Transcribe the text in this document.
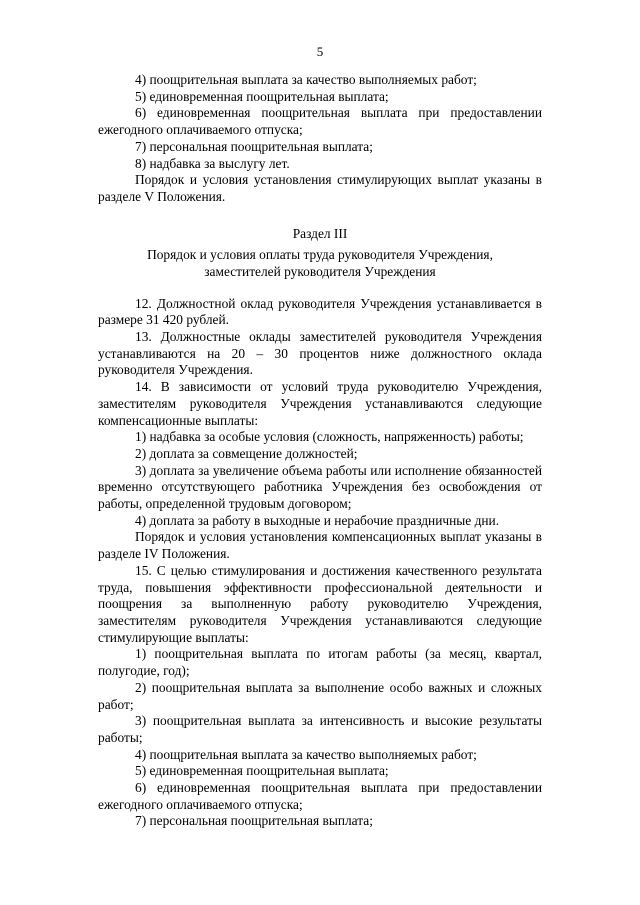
5

4) поощрительная выплата за качество выполняемых работ;

5) единовременная поощрительная выплата;

6) единовременная поощрительная выплата при предоставлении ежегодного оплачиваемого отпуска;

7) персональная поощрительная выплата;

8) надбавка за выслугу лет.

Порядок и условия установления стимулирующих выплат указаны в разделе V Положения.

Раздел III

Порядок и условия оплаты труда руководителя Учреждения,

заместителей руководителя Учреждения

12. Должностной оклад руководителя Учреждения устанавливается в размере 31 420 рублей.

13. Должностные оклады заместителей руководителя Учреждения устанавливаются на 20 – 30 процентов ниже должностного оклада руководителя Учреждения.

14. В зависимости от условий труда руководителю Учреждения, заместителям руководителя Учреждения устанавливаются следующие компенсационные выплаты:

1) надбавка за особые условия (сложность, напряженность) работы;

2) доплата за совмещение должностей;

3) доплата за увеличение объема работы или исполнение обязанностей временно отсутствующего работника Учреждения без освобождения от работы, определенной трудовым договором;

4) доплата за работу в выходные и нерабочие праздничные дни.

Порядок и условия установления компенсационных выплат указаны в разделе IV Положения.

15. С целью стимулирования и достижения качественного результата труда, повышения эффективности профессиональной деятельности и поощрения за выполненную работу руководителю Учреждения, заместителям руководителя Учреждения устанавливаются следующие стимулирующие выплаты:

1) поощрительная выплата по итогам работы (за месяц, квартал, полугодие, год);

2) поощрительная выплата за выполнение особо важных и сложных работ;

3) поощрительная выплата за интенсивность и высокие результаты работы;

4) поощрительная выплата за качество выполняемых работ;

5) единовременная поощрительная выплата;

6) единовременная поощрительная выплата при предоставлении ежегодного оплачиваемого отпуска;

7) персональная поощрительная выплата;
